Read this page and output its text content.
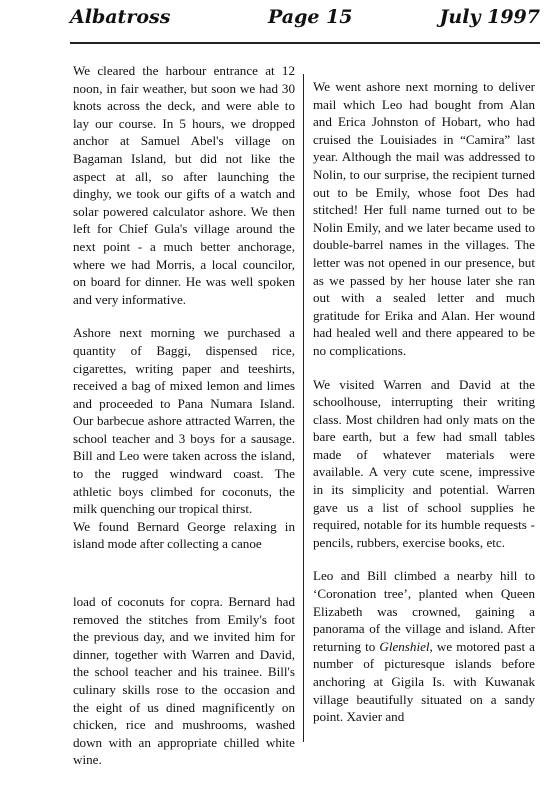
Albatross	Page 15	July 1997

We cleared the harbour entrance at 12 noon, in fair weather, but soon we had 30 knots across the deck, and were able to lay our course. In 5 hours, we dropped anchor at Samuel Abel's village on Bagaman Island, but did not like the aspect at all, so after launching the dinghy, we took our gifts of a watch and solar powered calculator ashore. We then left for Chief Gula's village around the next point - a much better anchorage, where we had Morris, a local councilor, on board for dinner. He was well spoken and very informative.

Ashore next morning we purchased a quantity of Baggi, dispensed rice, cigarettes, writing paper and teeshirts, received a bag of mixed lemon and limes and proceeded to Pana Numara Island. Our barbecue ashore attracted Warren, the school teacher and 3 boys for a sausage. Bill and Leo were taken across the island, to the rugged windward coast. The athletic boys climbed for coconuts, the milk quenching our tropical thirst.

We found Bernard George relaxing in island mode after collecting a canoe

load of coconuts for copra. Bernard had removed the stitches from Emily's foot the previous day, and we invited him for dinner, together with Warren and David, the school teacher and his trainee. Bill's culinary skills rose to the occasion and the eight of us dined magnificently on chicken, rice and mushrooms, washed down with an appropriate chilled white wine.

We went ashore next morning to deliver mail which Leo had bought from Alan and Erica Johnston of Hobart, who had cruised the Louisiades in “Camira” last year. Although the mail was addressed to Nolin, to our surprise, the recipient turned out to be Emily, whose foot Des had stitched! Her full name turned out to be Nolin Emily, and we later became used to double-barrel names in the villages. The letter was not opened in our presence, but as we passed by her house later she ran out with a sealed letter and much gratitude for Erika and Alan. Her wound had healed well and there appeared to be no complications.

We visited Warren and David at the schoolhouse, interrupting their writing class. Most children had only mats on the bare earth, but a few had small tables made of whatever materials were available. A very cute scene, impressive in its simplicity and potential. Warren gave us a list of school supplies he required, notable for its humble requests - pencils, rubbers, exercise books, etc.

Leo and Bill climbed a nearby hill to ‘Coronation tree’, planted when Queen Elizabeth was crowned, gaining a panorama of the village and island. After returning to Glenshiel, we motored past a number of picturesque islands before anchoring at Gigila Is. with Kuwanak village beautifully situated on a sandy point. Xavier and
